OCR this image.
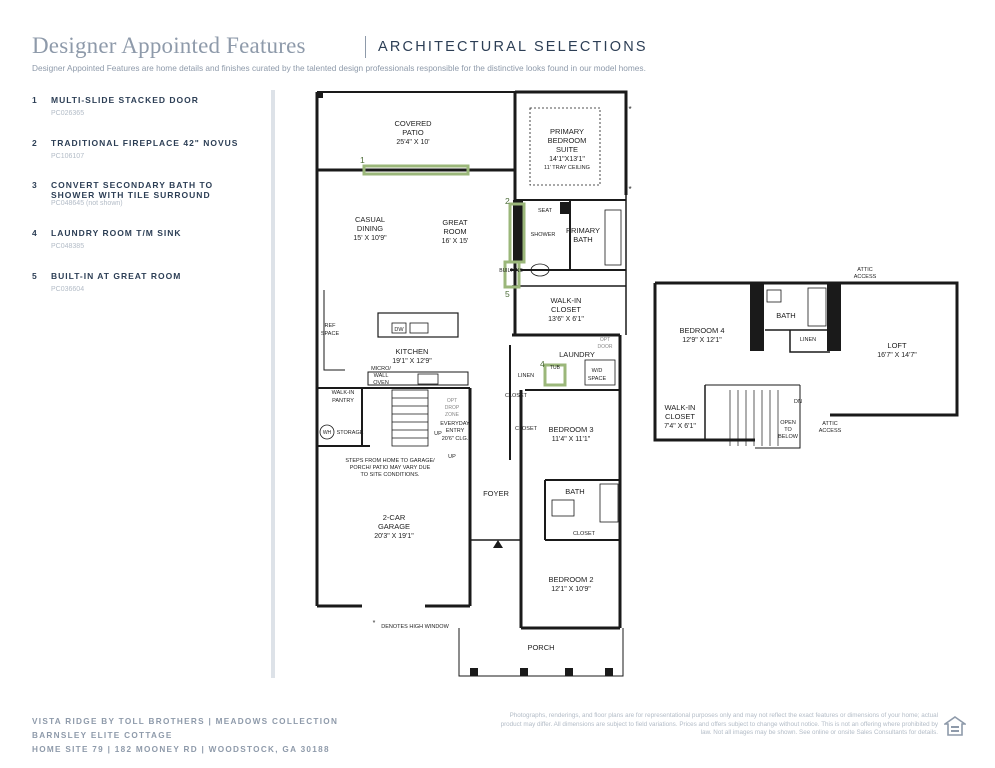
Designer Appointed Features	ARCHITECTURAL SELECTIONS
Designer Appointed Features are home details and finishes curated by the talented design professionals responsible for the distinctive looks found in our model homes.
1 MULTI-SLIDE STACKED DOOR
PC026365
2 TRADITIONAL FIREPLACE 42" NOVUS
PC106107
3 CONVERT SECONDARY BATH TO SHOWER WITH TILE SURROUND
PC048645 (not shown)
4 LAUNDRY ROOM T/M SINK
PC048385
5 BUILT-IN AT GREAT ROOM
PC036604
COVERED
PATIO
25'4" X 10'
PRIMARY
BEDROOM
SUITE
14'1"X13'1"
11' TRAY CEILING
CASUAL
DINING
15' X 10'9"
GREAT
ROOM
16' X 15'
SEAT
SHOWER PRIMARY
BATH
BUILT-INS
WALK-IN
CLOSET
13'6" X 6'1"
REF
SPACE
DW
KITCHEN
19'1" X 12'9"
MICRO/
WALL
OVEN
OPT
DOOR
LAUNDRY
TUB
LINEN
W/D
SPACE
WALK-IN
PANTRY	OPT
DROP
ZONE
CLOSET
CLOSET BEDROOM 3
11'4" X 11'1"
WH STORAGE	UP
EVERYDAY
ENTRY
20'6" CLG.
UP
STEPS FROM HOME TO GARAGE/
PORCH/ PATIO MAY VARY DUE
TO SITE CONDITIONS.
FOYER	BATH
CLOSET
2-CAR
GARAGE
20'3" X 19'1"
BEDROOM 2
12'1" X 10'9"
* DENOTES HIGH WINDOW
PORCH
*
*
1
2
4
5
ATTIC
ACCESS
BATH
LINEN
BEDROOM 4
12'9" X 12'1"
LOFT
16'7" X 14'7"
DN
WALK-IN
CLOSET
7'4" X 6'1"	OPEN
TO
BELOW
ATTIC
ACCESS
VISTA RIDGE BY TOLL BROTHERS | MEADOWS COLLECTION
BARNSLEY ELITE COTTAGE
HOME SITE 79 | 182 MOONEY RD | WOODSTOCK, GA 30188
Photographs, renderings, and floor plans are for representational purposes only and may not reflect the exact features or dimensions of your home; actual product may differ. All dimensions are subject to field variations. Prices and offers subject to change without notice. This is not an offering where prohibited by law. Not all images may be shown. See online or onsite Sales Consultants for details.
